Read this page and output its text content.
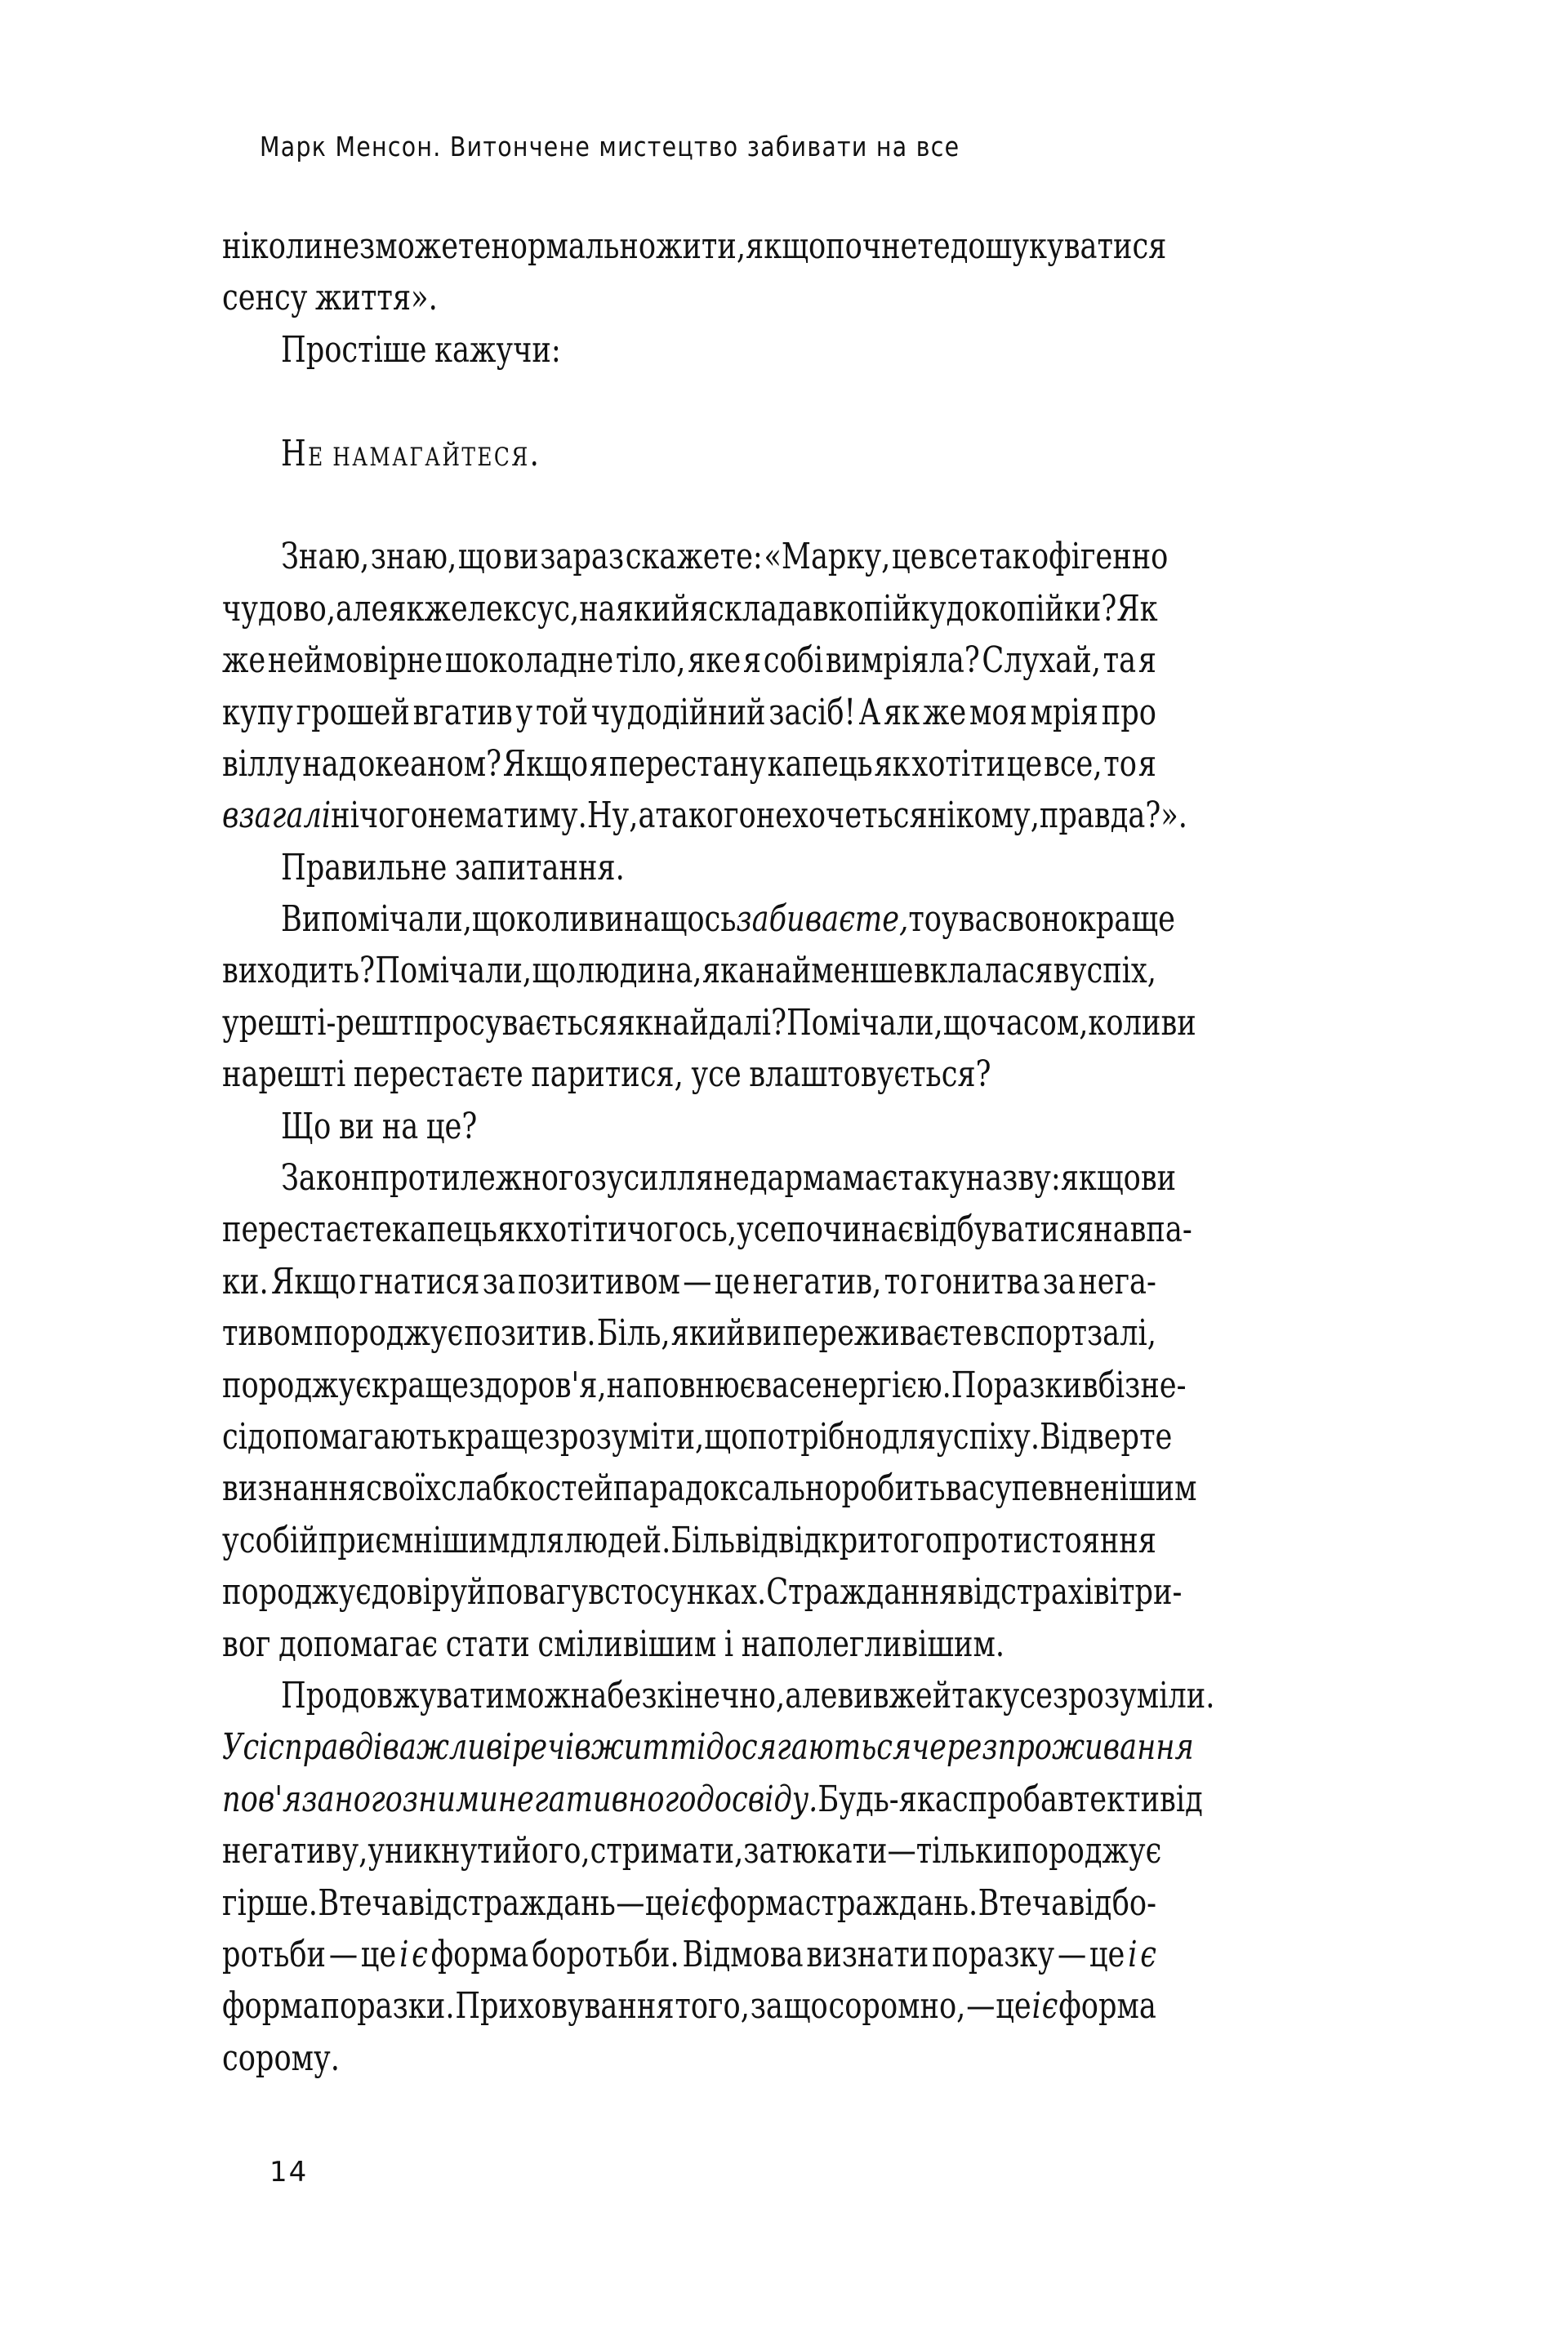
Марк Менсон. Витончене мистецтво забивати на все
ніколи не зможете нормально жити, якщо почнете дошукуватися
сенсу життя».
Простіше кажучи:
Не намагайтеся.
Знаю, знаю, що ви зараз скажете: «Марку, це все так офігенно
чудово, але як же лексус, на який я складав копійку до копійки? Як
же неймовірне шоколадне тіло, яке я собі вимріяла? Слухай, та я
купу грошей вгатив у той чудодійний засіб! А як же моя мрія про
віллу над океаном? Якщо я перестану капець як хотіти це все, то я
взагалі нічого не матиму. Ну, а такого не хочеться нікому, правда?».
Правильне запитання.
Ви помічали, що коли ви на щось забиваєте, то у вас воно краще
виходить? Помічали, що людина, яка найменше вклалася в успіх,
урешті-решт просувається якнайдалі? Помічали, що часом, коли ви
нарешті перестаєте паритися, усе влаштовується?
Що ви на це?
Закон протилежного зусилля недарма має таку назву: якщо ви
перестаєте капець як хотіти чогось, усе починає відбуватися навпа-
ки. Якщо гнатися за позитивом — це негатив, то гонитва за нега-
тивом породжує позитив. Біль, який ви переживаєте в спортзалі,
породжує краще здоров'я, наповнює вас енергією. Поразки в бізне-
сі допомагають краще зрозуміти, що потрібно для успіху. Відверте
визнання своїх слабкостей парадоксально робить вас упевненішим
у собі й приємнішим для людей. Біль від відкритого протистояння
породжує довіру й повагу в стосунках. Страждання від страхів і три-
вог допомагає стати сміливішим і наполегливішим.
Продовжувати можна безкінечно, але ви вже й так усе зрозуміли.
Усі справді важливі речі в житті досягаються через проживання
пов'язаного з ними негативного досвіду. Будь-яка спроба втекти від
негативу, уникнути його, стримати, затюкати — тільки породжує
гірше. Втеча від страждань — це і є форма страждань. Втеча від бо-
ротьби — це і є форма боротьби. Відмова визнати поразку — це і є
форма поразки. Приховування того, за що соромно, — це і є форма
сорому.
14
